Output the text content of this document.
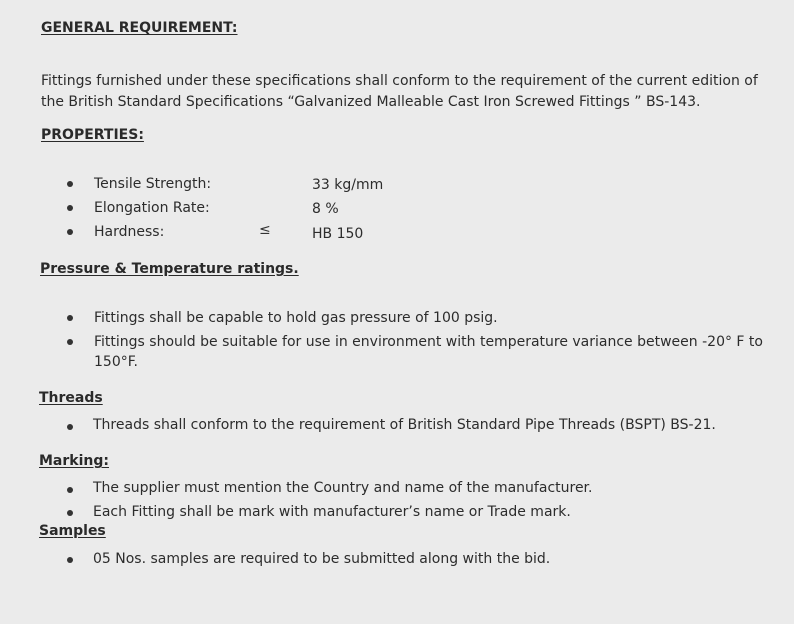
GENERAL REQUIREMENT:
Fittings furnished under these specifications shall conform to the requirement of the current edition of
the British Standard Specifications “Galvanized Malleable Cast Iron Screwed Fittings ” BS-143.
PROPERTIES:
Tensile Strength:	33 kg/mm
Elongation Rate:	8 %
Hardness:	≤	HB 150
Pressure & Temperature ratings.
Fittings shall be capable to hold gas pressure of 100 psig.
Fittings should be suitable for use in environment with temperature variance between -20° F to
150°F.
Threads
Threads shall conform to the requirement of British Standard Pipe Threads (BSPT) BS-21.
Marking:
The supplier must mention the Country and name of the manufacturer.
Each Fitting shall be mark with manufacturer’s name or Trade mark.
Samples
05 Nos. samples are required to be submitted along with the bid.
